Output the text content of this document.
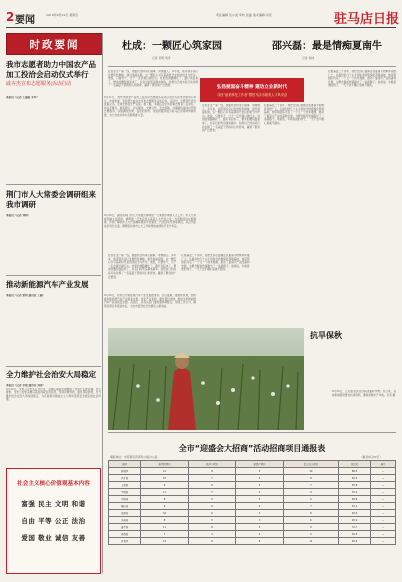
2 要闻	2019年9月22日 星期日	责任编辑 张小波 审核 张磊 美术编辑 李佳	驻马店日报
时政要闻
我市志愿者助力中国农产品加工投洽会启动仪式举行
戚卉杰宣布志愿服务活动启动
本报讯（记者 王丽娟 李华）	9月21日，我市中国农产品加工投洽会志愿服务活动启动仪式在市会展中心举行。市委常委、宣传部长戚卉杰宣布志愿服务活动启动。活动中，志愿者代表宣读倡议书，全体志愿者庄严宣誓。据了解，本届投洽会共招募志愿者八百余名，将在开幕式、展览展示、会议服务、交通引导、安全保障、外事接待等岗位开展志愿服务，以饱满的热情、良好的形象、优质的服务展示驻马店文明城市新风貌，为大会成功举办贡献青春力量。
荆门市人大常委会调研组来我市调研
本报讯（记者 刘明）	9月20日，湖北省荆门市人大常委会调研组一行来我市调研人大工作。市人大常委会副主任陪同。调研组一行先后深入基层人大代表之家、代表联络站实地察看，详细了解我市人大代表履职服务平台建设、代表活动开展等情况，并召开座谈会进行交流。调研组对我市人大工作取得的成绩给予充分肯定。
推动新能源汽车产业发展
本报讯（记者 张明 通讯员 王丽）	9月20日，我市召开新能源汽车产业发展推进会。会议强调，要抢抓机遇，加快推进新能源汽车产业链条完善，优化产业布局，强化项目支撑，推动全市新能源汽车产业高质量发展。各县区、各有关部门要加强协调配合，形成工作合力，确保各项任务落到实处，为全市经济社会发展注入新动能。
全力维护社会治安大局稳定
本报讯（记者 李强 通讯员 刘涛）
9月20日，全市公安机关召开会议，对国庆期间安保维稳工作进行安排部署。会议要求，全市公安机关要以高度的政治责任感，坚持问题导向，强化风险防控，全力维护社会治安大局持续稳定，为庆祝新中国成立七十周年营造安全稳定的社会环境。
社会主义核心价值观基本内容
富强 民主 文明 和谐
自由 平等 公正 法治
爱国 敬业 诚信 友善
杜成：一颗匠心筑家园
记者 吴明 刘洋
邵兴磊：最是情痴夏南牛
记者 杨林
在农业生产第一线，他始终坚持用心做事、用情做人。多年来，他带领乡亲们发展特色种植，建设美丽家园，以一颗匠心书写着新时代农民的担当与作为。他说，只要肯干，日子一定会越过越红火。村里的道路硬化了，路灯亮起来了，群众的腰包鼓起来了，乡亲们的笑容越来越多。他用自己的实际行动诠释了一名基层干部的初心和使命，赢得了群众的广泛赞誉。
在农业生产第一线，他始终坚持用心做事、用情做人。多年来，他带领乡亲们发展特色种植，建设美丽家园，以一颗匠心书写着新时代农民的担当与作为。他说，只要肯干，日子一定会越过越红火。村里的道路硬化了，路灯亮起来了，群众的腰包鼓起来了，乡亲们的笑容越来越多。他用自己的实际行动诠释了一名基层干部的初心和使命，赢得了群众的广泛赞誉。
弘扬爱国奋斗精神 建功立业新时代
寻找“最美科技工作者”暨驻马店市最美人才风采录
扎根基层二十余年，他把全部心血倾注在夏南牛的繁育和推广上。从最初的几十头牛到如今的规模化养殖基地，他带领团队攻克了一个又一个技术难题，推动了夏南牛产业的蓬勃发展，为群众脱贫致富蹚出了一条新路子。他常说，牛就是他的孩子，一天不去牛棚心里就不踏实。
扎根基层二十余年，他把全部心血倾注在夏南牛的繁育和推广上。从最初的几十头牛到如今的规模化养殖基地，他带领团队攻克了一个又一个技术难题，推动了夏南牛产业的蓬勃发展，为群众脱贫致富蹚出了一条新路子。他常说，牛就是他的孩子，一天不去牛棚心里就不踏实。
在农业生产第一线，他始终坚持用心做事、用情做人。多年来，他带领乡亲们发展特色种植，建设美丽家园，以一颗匠心书写着新时代农民的担当与作为。他说，只要肯干，日子一定会越过越红火。村里的道路硬化了，路灯亮起来了，群众的腰包鼓起来了，乡亲们的笑容越来越多。他用自己的实际行动诠释了一名基层干部的初心和使命，赢得了群众的广泛赞誉。
扎根基层二十余年，他把全部心血倾注在夏南牛的繁育和推广上。从最初的几十头牛到如今的规模化养殖基地，他带领团队攻克了一个又一个技术难题，推动了夏南牛产业的蓬勃发展，为群众脱贫致富蹚出了一条新路子。他常说，牛就是他的孩子，一天不去牛棚心里就不踏实。
抗旱保秋
9月20日，正阳县农民在田间浇灌秋作物。连日来，各地积极组织群众抗旱保秋，确保秋粮丰产丰收。记者 摄
全市“迎盛会大招商”活动招商项目通报表
填报单位：市招商引资领导小组办公室	（截至9月20日）
县区	新签约项目	新开工项目	新投产项目	亿元以上项目	总投资	备注
驿城区	12	8	5	10	86.5	—
西平县	10	7	4	8	62.3	—
上蔡县	9	6	3	7	55.8	—
平舆县	11	7	4	9	70.2	—
正阳县	8	5	3	6	48.6	—
确山县	9	6	4	7	52.1	—
泌阳县	10	6	3	8	63.4	—
汝南县	8	5	3	6	45.9	—
遂平县	11	8	5	9	72.7	—
新蔡县	7	4	2	5	39.5	—
开发区	13	9	6	11	95.2	—
